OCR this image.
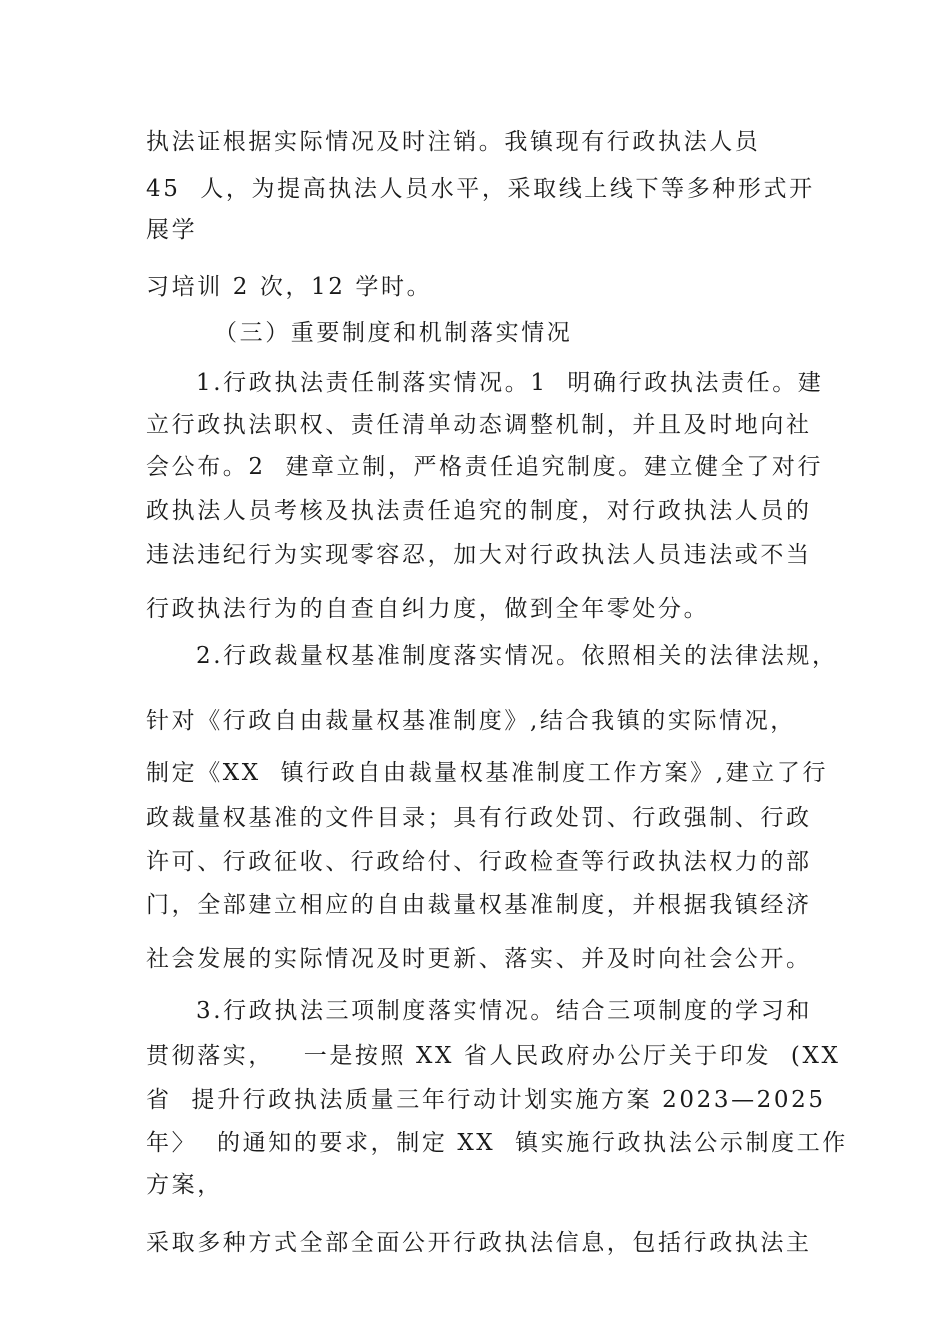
执法证根据实际情况及时注销。我镇现有行政执法人员
45  人，为提高执法人员水平，采取线上线下等多种形式开
展学
习培训 2 次，12 学时。
（三）重要制度和机制落实情况
1.行政执法责任制落实情况。1  明确行政执法责任。建
立行政执法职权、责任清单动态调整机制，并且及时地向社
会公布。2  建章立制，严格责任追究制度。建立健全了对行
政执法人员考核及执法责任追究的制度，对行政执法人员的
违法违纪行为实现零容忍，加大对行政执法人员违法或不当
行政执法行为的自查自纠力度，做到全年零处分。
2.行政裁量权基准制度落实情况。依照相关的法律法规，
针对《行政自由裁量权基准制度》,结合我镇的实际情况，
制定《XX  镇行政自由裁量权基准制度工作方案》,建立了行
政裁量权基准的文件目录；具有行政处罚、行政强制、行政
许可、行政征收、行政给付、行政检查等行政执法权力的部
门，全部建立相应的自由裁量权基准制度，并根据我镇经济
社会发展的实际情况及时更新、落实、并及时向社会公开。
3.行政执法三项制度落实情况。结合三项制度的学习和
贯彻落实，   一是按照 XX 省人民政府办公厅关于印发  (XX
省  提升行政执法质量三年行动计划实施方案 2023—2025
年〉  的通知的要求，制定 XX  镇实施行政执法公示制度工作
方案，
采取多种方式全部全面公开行政执法信息，包括行政执法主
